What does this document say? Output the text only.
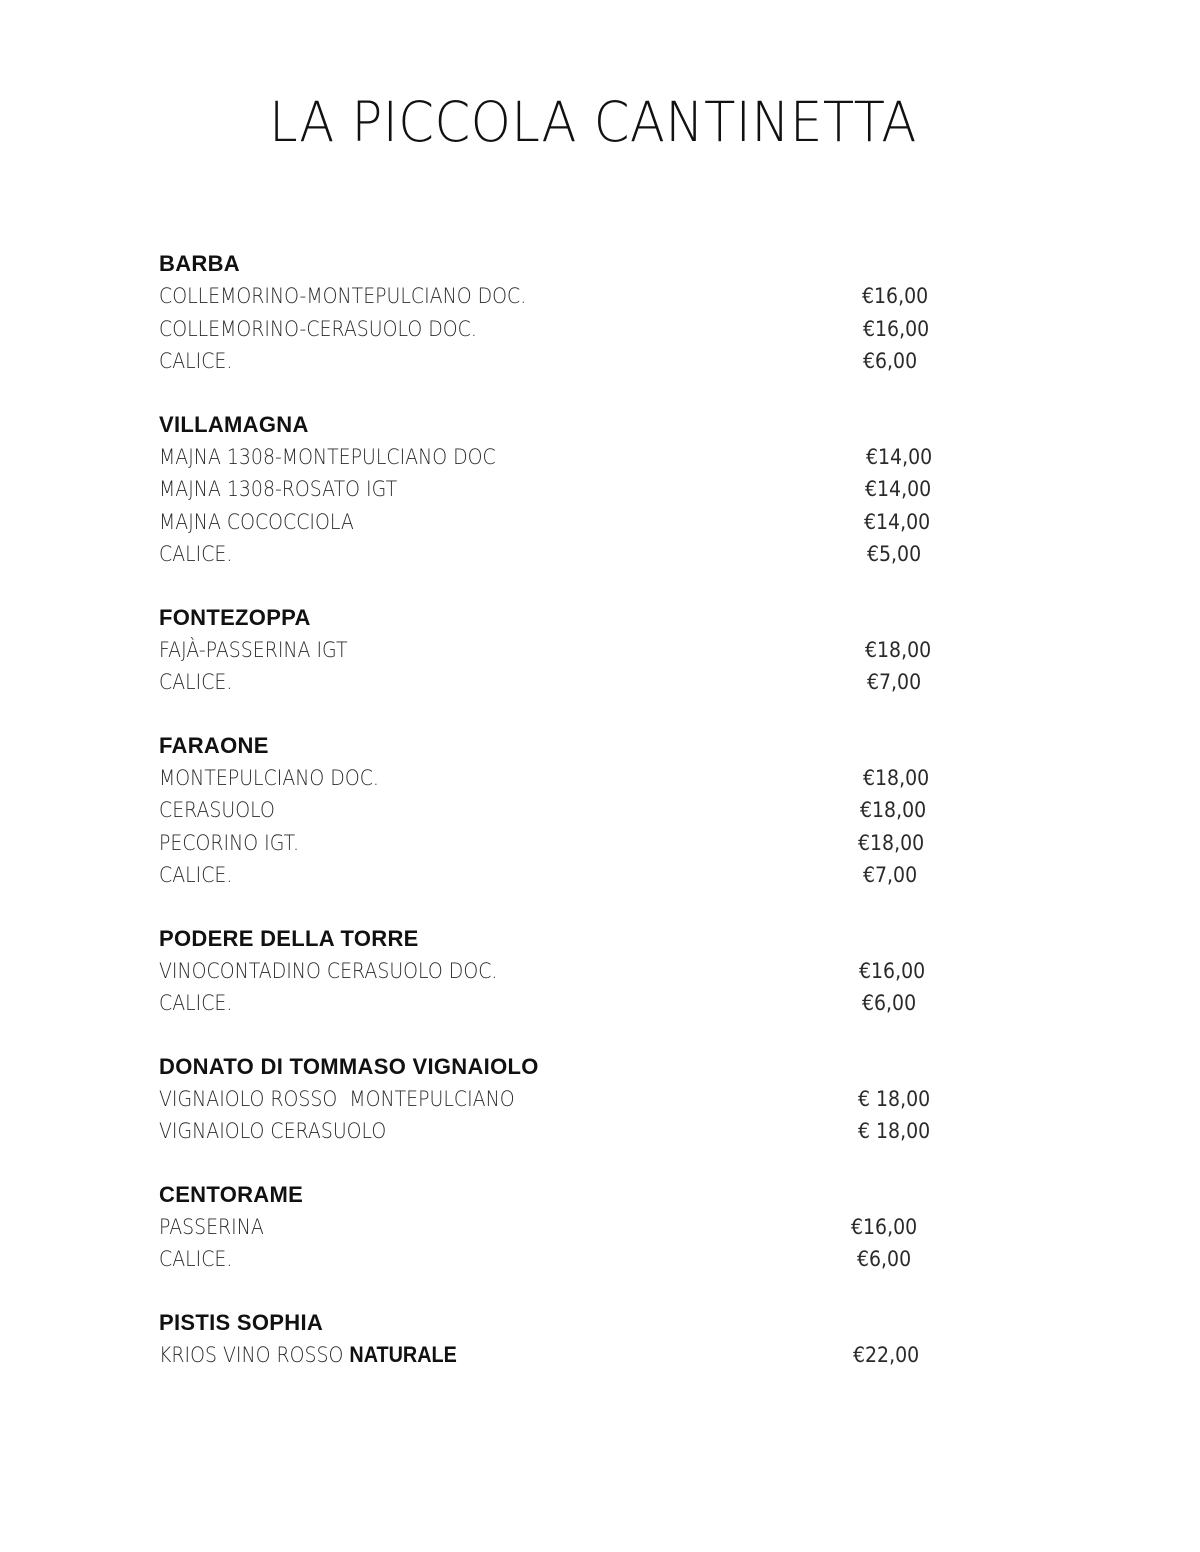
LA PICCOLA CANTINETTA
BARBA
COLLEMORINO-MONTEPULCIANO DOC.	€16,00
COLLEMORINO-CERASUOLO DOC.	€16,00
CALICE.	€6,00
VILLAMAGNA
MAJNA 1308-MONTEPULCIANO DOC	€14,00
MAJNA 1308-ROSATO IGT	€14,00
MAJNA COCOCCIOLA	€14,00
CALICE.	€5,00
FONTEZOPPA
FAJÀ-PASSERINA IGT	€18,00
CALICE.	€7,00
FARAONE
MONTEPULCIANO DOC.	€18,00
CERASUOLO	€18,00
PECORINO IGT.	€18,00
CALICE.	€7,00
PODERE DELLA TORRE
VINOCONTADINO CERASUOLO DOC.	€16,00
CALICE.	€6,00
DONATO DI TOMMASO VIGNAIOLO
VIGNAIOLO ROSSO  MONTEPULCIANO	€ 18,00
VIGNAIOLO CERASUOLO	€ 18,00
CENTORAME
PASSERINA	€16,00
CALICE.	€6,00
PISTIS SOPHIA
KRIOS VINO ROSSO NATURALE	€22,00
